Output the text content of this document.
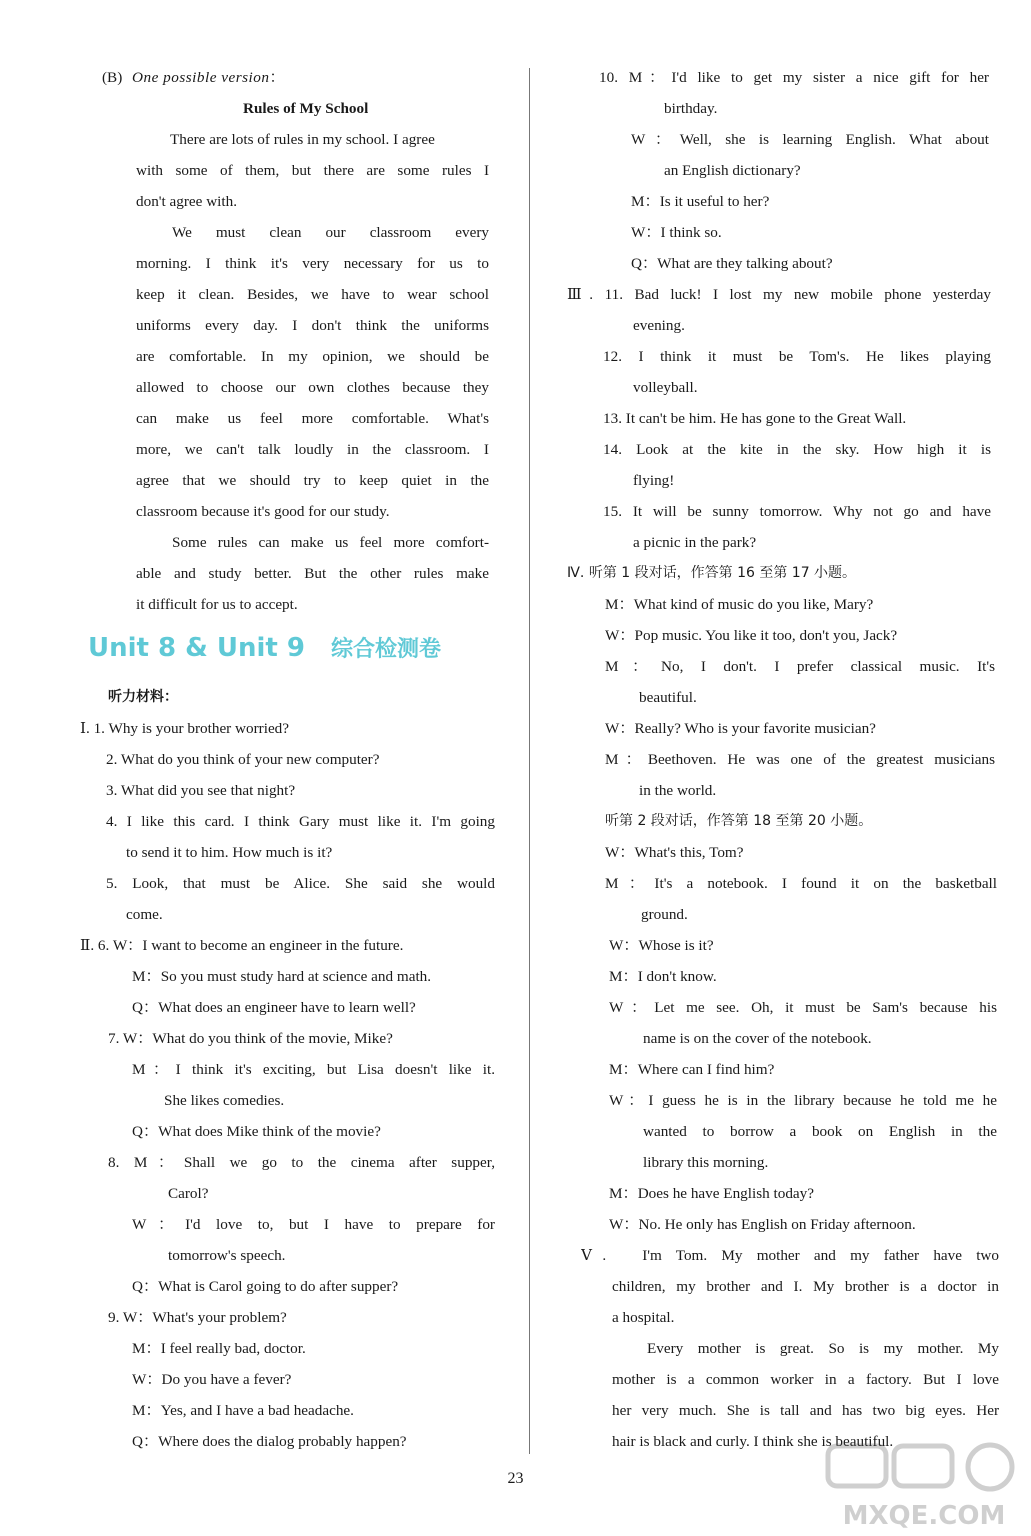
(B) One possible version：
Rules of My School
There are lots of rules in my school. I agree
with some of them, but there are some rules I
don't agree with.
We must clean our classroom every
morning. I think it's very necessary for us to
keep it clean. Besides, we have to wear school
uniforms every day. I don't think the uniforms
are comfortable. In my opinion, we should be
allowed to choose our own clothes because they
can make us feel more comfortable. What's
more, we can't talk loudly in the classroom. I
agree that we should try to keep quiet in the
classroom because it's good for our study.
Some rules can make us feel more comfort-
able and study better. But the other rules make
it difficult for us to accept.
听力材料：
Ⅰ. 1. Why is your brother worried?
2. What do you think of your new computer?
3. What did you see that night?
4. I like this card. I think Gary must like it. I'm going
to send it to him. How much is it?
5. Look, that must be Alice. She said she would
come.
Ⅱ. 6. W：I want to become an engineer in the future.
M：So you must study hard at science and math.
Q：What does an engineer have to learn well?
7. W：What do you think of the movie, Mike?
M：I think it's exciting, but Lisa doesn't like it.
She likes comedies.
Q：What does Mike think of the movie?
8. M：Shall we go to the cinema after supper,
Carol?
W：I'd love to, but I have to prepare for
tomorrow's speech.
Q：What is Carol going to do after supper?
9. W：What's your problem?
M：I feel really bad, doctor.
W：Do you have a fever?
M：Yes, and I have a bad headache.
Q：Where does the dialog probably happen?
Unit 8 & Unit 9 综合检测卷
10. M：I'd like to get my sister a nice gift for her
birthday.
W：Well, she is learning English. What about
an English dictionary?
M：Is it useful to her?
W：I think so.
Q：What are they talking about?
Ⅲ. 11. Bad luck! I lost my new mobile phone yesterday
evening.
12. I think it must be Tom's. He likes playing
volleyball.
13. It can't be him. He has gone to the Great Wall.
14. Look at the kite in the sky. How high it is
flying!
15. It will be sunny tomorrow. Why not go and have
a picnic in the park?
Ⅳ. 听第 1 段对话，作答第 16 至第 17 小题。
M：What kind of music do you like, Mary?
W：Pop music. You like it too, don't you, Jack?
M：No, I don't. I prefer classical music. It's
beautiful.
W：Really? Who is your favorite musician?
M：Beethoven. He was one of the greatest musicians
in the world.
听第 2 段对话，作答第 18 至第 20 小题。
W：What's this, Tom?
M：It's a notebook. I found it on the basketball
ground.
W：Whose is it?
M：I don't know.
W：Let me see. Oh, it must be Sam's because his
name is on the cover of the notebook.
M：Where can I find him?
W：I guess he is in the library because he told me he
wanted to borrow a book on English in the
library this morning.
M：Does he have English today?
W：No. He only has English on Friday afternoon.
Ⅴ.　I'm Tom. My mother and my father have two
children, my brother and I. My brother is a doctor in
a hospital.
Every mother is great. So is my mother. My
mother is a common worker in a factory. But I love
her very much. She is tall and has two big eyes. Her
hair is black and curly. I think she is beautiful.
23
MXQE.COM
